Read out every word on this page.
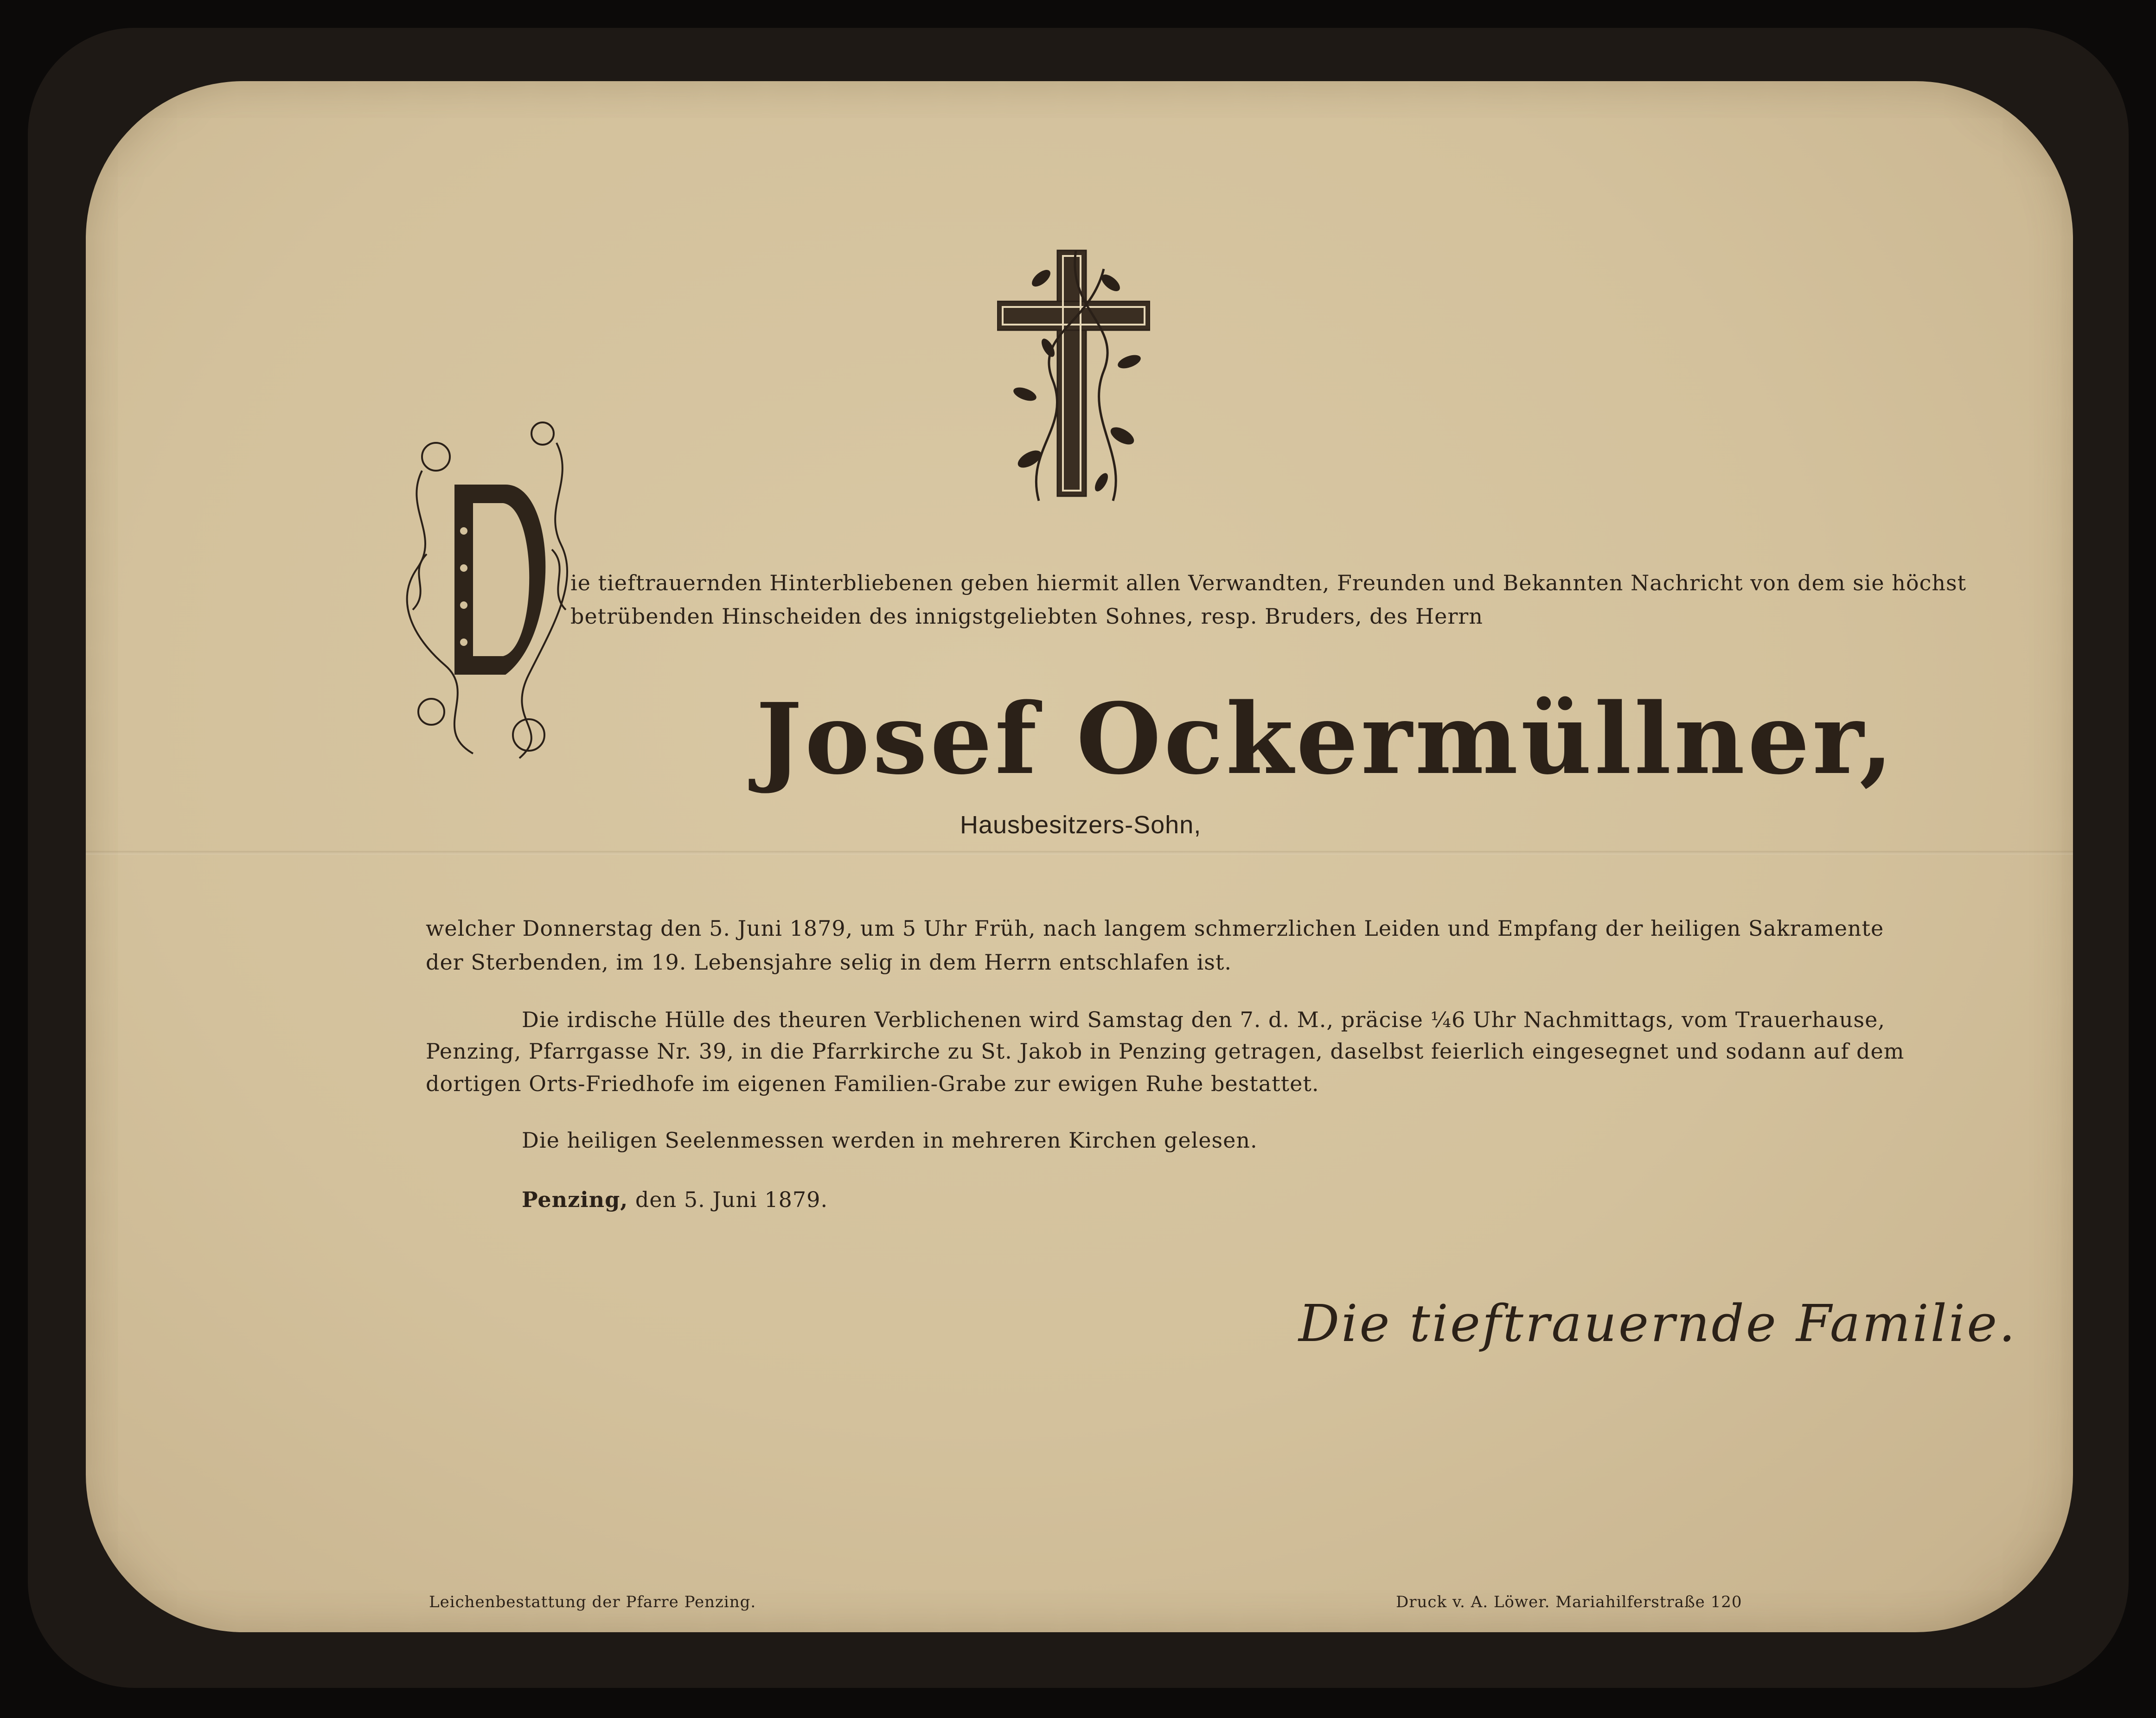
ie tieftrauernden Hinterbliebenen geben hiermit allen Verwandten, Freunden und Bekannten Nachricht von dem sie höchst
betrübenden Hinscheiden des innigstgeliebten Sohnes, resp. Bruders, des Herrn
Josef Ockermüllner,
Hausbesitzers-Sohn,
welcher Donnerstag den 5. Juni 1879, um 5 Uhr Früh, nach langem schmerzlichen Leiden und Empfang der heiligen Sakramente
der Sterbenden, im 19. Lebensjahre selig in dem Herrn entschlafen ist.
Die irdische Hülle des theuren Verblichenen wird Samstag den 7. d. M., präcise ¼6 Uhr Nachmittags, vom Trauerhause,
Penzing, Pfarrgasse Nr. 39, in die Pfarrkirche zu St. Jakob in Penzing getragen, daselbst feierlich eingesegnet und sodann auf dem
dortigen Orts-Friedhofe im eigenen Familien-Grabe zur ewigen Ruhe bestattet.
Die heiligen Seelenmessen werden in mehreren Kirchen gelesen.
Penzing, den 5. Juni 1879.
Die tieftrauernde Familie.
Leichenbestattung der Pfarre Penzing.	Druck v. A. Löwer. Mariahilferstraße 120
